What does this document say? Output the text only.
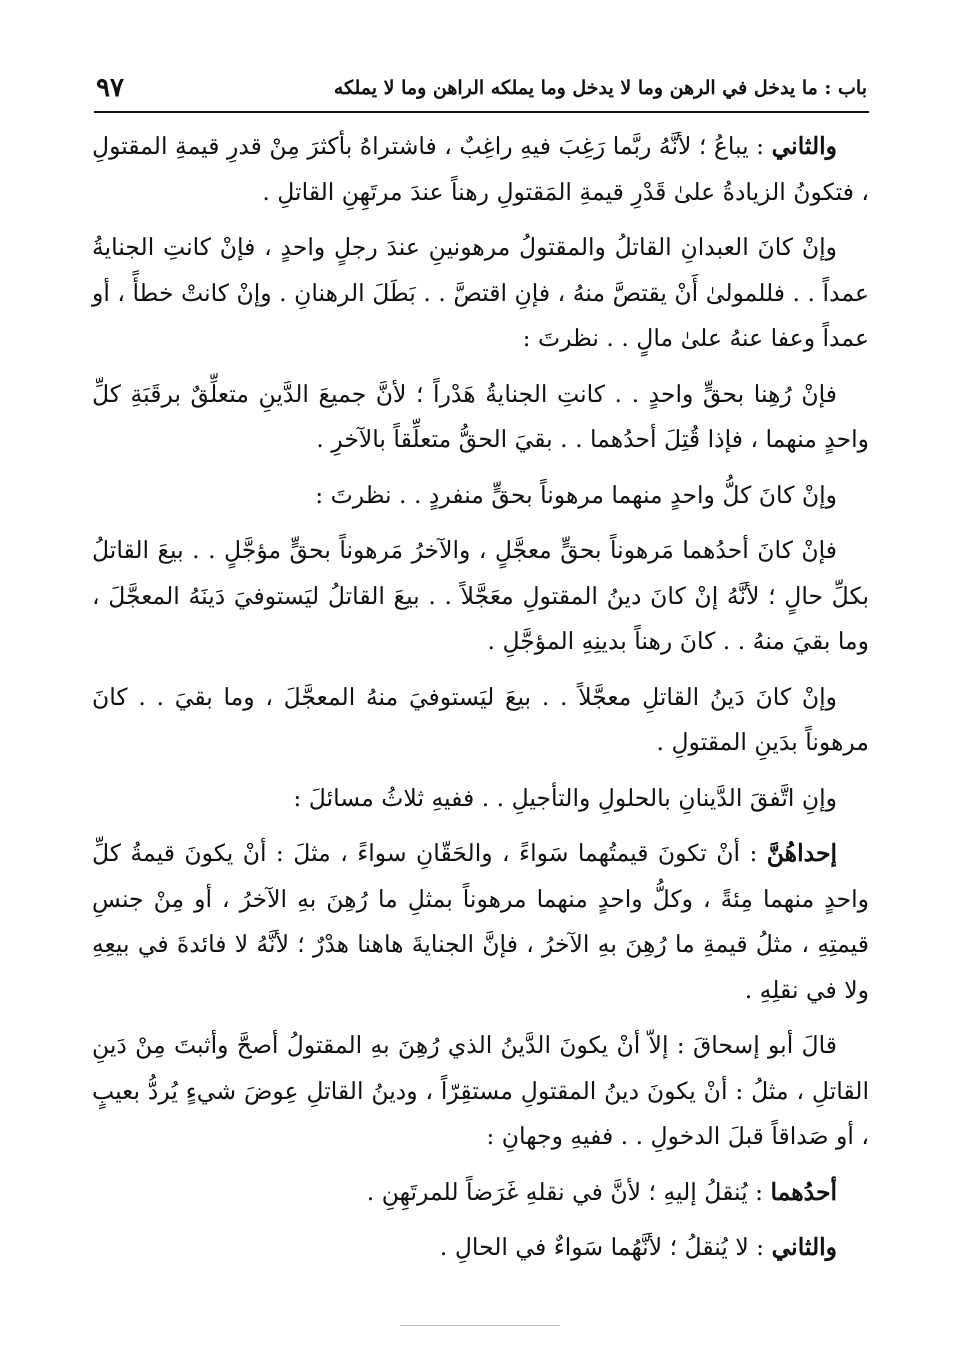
باب : ما يدخل في الرهن وما لا يدخل وما يملكه الراهن وما لا يملكه
٩٧

والثاني : يباعُ ؛ لأنَّهُ ربَّما رَغِبَ فيهِ راغِبٌ ، فاشتراهُ بأكثرَ مِنْ قدرِ قيمةِ المقتولِ ، فتكونُ الزيادةُ علىٰ قَدْرِ قيمةِ المَقتولِ رهناً عندَ مرتَهِنِ القاتلِ .

وإنْ كانَ العبدانِ القاتلُ والمقتولُ مرهونينِ عندَ رجلٍ واحدٍ ، فإنْ كانتِ الجنايةُ عمداً . . فللمولىٰ أَنْ يقتصَّ منهُ ، فإنِ اقتصَّ . . بَطَلَ الرهنانِ . وإنْ كانتْ خطأً ، أو عمداً وعفا عنهُ علىٰ مالٍ . . نظرتَ :

فإنْ رُهِنا بحقٍّ واحدٍ . . كانتِ الجنايةُ هَدْراً ؛ لأنَّ جميعَ الدَّينِ متعلِّقٌ برقَبَةِ كلِّ واحدٍ منهما ، فإذا قُتِلَ أحدُهما . . بقيَ الحقُّ متعلِّقاً بالآخرِ .

وإنْ كانَ كلُّ واحدٍ منهما مرهوناً بحقٍّ منفردٍ . . نظرتَ :

فإنْ كانَ أحدُهما مَرهوناً بحقٍّ معجَّلٍ ، والآخرُ مَرهوناً بحقٍّ مؤجَّلٍ . . بيعَ القاتلُ بكلِّ حالٍ ؛ لأنَّهُ إنْ كانَ دينُ المقتولِ معَجَّلاً . . بيعَ القاتلُ ليَستوفيَ دَينَهُ المعجَّلَ ، وما بقيَ منهُ . . كانَ رهناً بدينِهِ المؤجَّلِ .

وإنْ كانَ دَينُ القاتلِ معجَّلاً . . بيعَ ليَستوفيَ منهُ المعجَّلَ ، وما بقيَ . . كانَ مرهوناً بدَينِ المقتولِ .

وإنِ اتَّفقَ الدَّينانِ بالحلولِ والتأجيلِ . . ففيهِ ثلاثُ مسائلَ :

إحداهُنَّ : أنْ تكونَ قيمتُهما سَواءً ، والحَقّانِ سواءً ، مثلَ : أنْ يكونَ قيمةُ كلِّ واحدٍ منهما مِئةً ، وكلُّ واحدٍ منهما مرهوناً بمثلِ ما رُهِنَ بهِ الآخرُ ، أو مِنْ جنسِ قيمتِهِ ، مثلُ قيمةِ ما رُهِنَ بهِ الآخرُ ، فإنَّ الجنايةَ هاهنا هدْرٌ ؛ لأنَّهُ لا فائدةَ في بيعِهِ ولا في نقلِهِ .

قالَ أبو إسحاقَ : إلاّ أنْ يكونَ الدَّينُ الذي رُهِنَ بهِ المقتولُ أصحَّ وأثبتَ مِنْ دَينِ القاتلِ ، مثلُ : أنْ يكونَ دينُ المقتولِ مستقِرّاً ، ودينُ القاتلِ عِوضَ شيءٍ يُردُّ بعيبٍ ، أو صَداقاً قبلَ الدخولِ . . ففيهِ وجهانِ :

أحدُهما : يُنقلُ إليهِ ؛ لأنَّ في نقلهِ غَرَضاً للمرتَهِنِ .

والثاني : لا يُنقلُ ؛ لأنَّهُما سَواءٌ في الحالِ .
